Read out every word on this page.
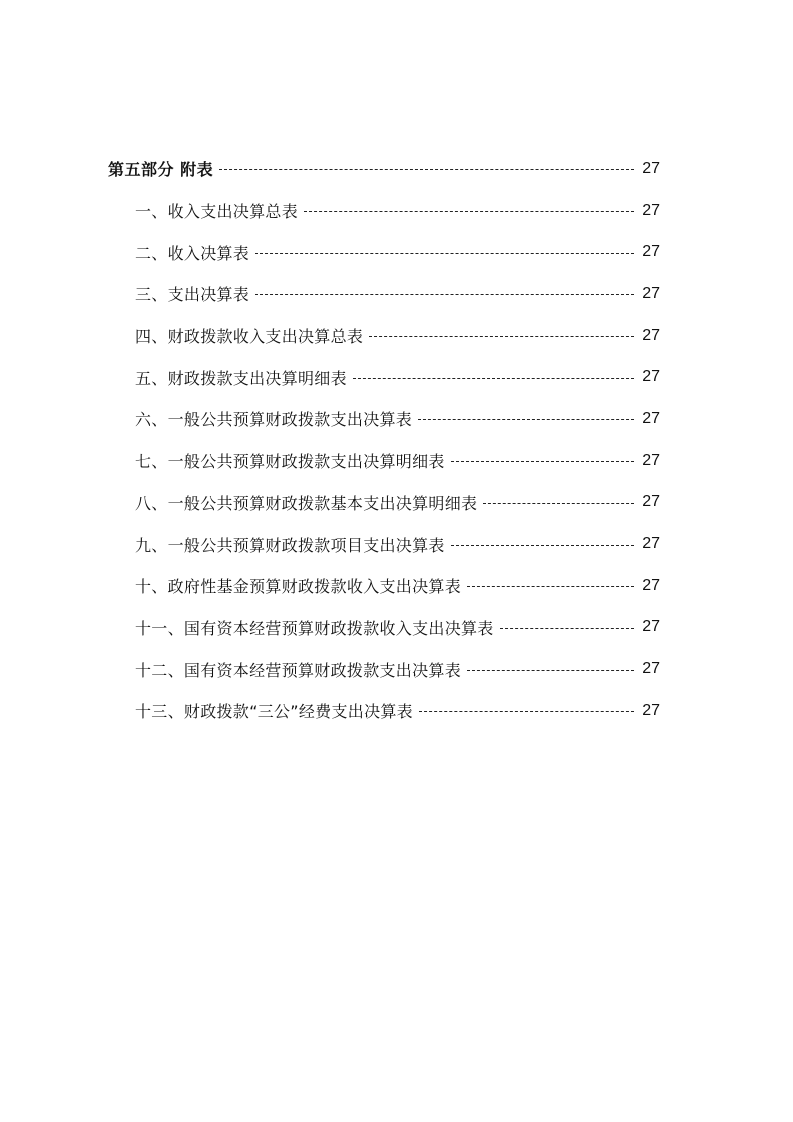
第五部分 附表	27
一、收入支出决算总表	27
二、收入决算表	27
三、支出决算表	27
四、财政拨款收入支出决算总表	27
五、财政拨款支出决算明细表	27
六、一般公共预算财政拨款支出决算表	27
七、一般公共预算财政拨款支出决算明细表	27
八、一般公共预算财政拨款基本支出决算明细表	27
九、一般公共预算财政拨款项目支出决算表	27
十、政府性基金预算财政拨款收入支出决算表	27
十一、国有资本经营预算财政拨款收入支出决算表	27
十二、国有资本经营预算财政拨款支出决算表	27
十三、财政拨款“三公”经费支出决算表	27
